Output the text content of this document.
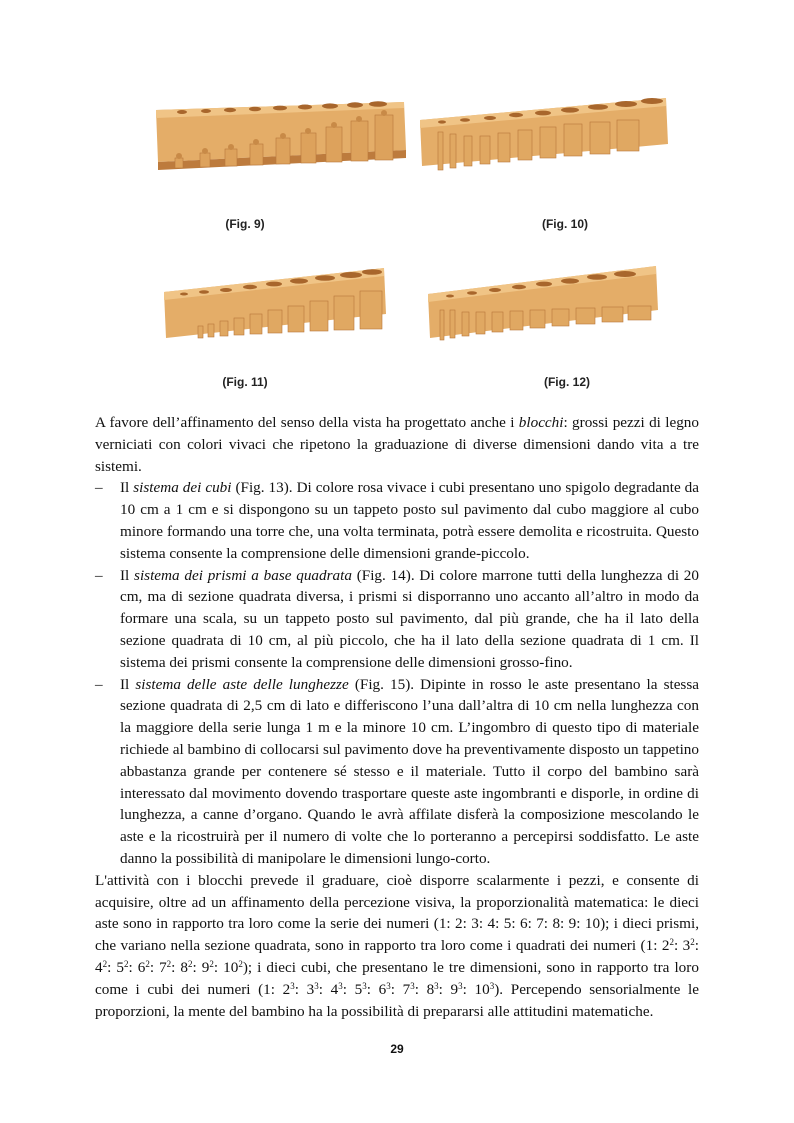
(Fig. 9)	(Fig. 10)
(Fig. 11)	(Fig. 12)

A favore dell’affinamento del senso della vista ha progettato anche i blocchi: grossi pezzi di legno verniciati con colori vivaci che ripetono la graduazione di diverse dimensioni dando vita a tre sistemi.

–
Il sistema dei cubi (Fig. 13). Di colore rosa vivace i cubi presentano uno spigolo degradante da 10 cm a 1 cm e si dispongono su un tappeto posto sul pavimento dal cubo maggiore al cubo minore formando una torre che, una volta terminata, potrà essere demolita e ricostruita. Questo sistema consente la comprensione delle dimensioni grande-piccolo.

–
Il sistema dei prismi a base quadrata (Fig. 14). Di colore marrone tutti della lunghezza di 20 cm, ma di sezione quadrata diversa, i prismi si disporranno uno accanto all’altro in modo da formare una scala, su un tappeto posto sul pavimento, dal più grande, che ha il lato della sezione quadrata di 10 cm, al più piccolo, che ha il lato della sezione quadrata di 1 cm. Il sistema dei prismi consente la comprensione delle dimensioni grosso-fino.

–
Il sistema delle aste delle lunghezze (Fig. 15). Dipinte in rosso le aste presentano la stessa sezione quadrata di 2,5 cm di lato e differiscono l’una dall’altra di 10 cm nella lunghezza con la maggiore della serie lunga 1 m e la minore 10 cm. L’ingombro di questo tipo di materiale richiede al bambino di collocarsi sul pavimento dove ha preventivamente disposto un tappetino abbastanza grande per contenere sé stesso e il materiale. Tutto il corpo del bambino sarà interessato dal movimento dovendo trasportare queste aste ingombranti e disporle, in ordine di lunghezza, a canne d’organo. Quando le avrà affilate disferà la composizione mescolando le aste e la ricostruirà per il numero di volte che lo porteranno a percepirsi soddisfatto. Le aste danno la possibilità di manipolare le dimensioni lungo-corto.

L'attività con i blocchi prevede il graduare, cioè disporre scalarmente i pezzi, e consente di acquisire, oltre ad un affinamento della percezione visiva, la proporzionalità matematica: le dieci aste sono in rapporto tra loro come la serie dei numeri (1: 2: 3: 4: 5: 6: 7: 8: 9: 10); i dieci prismi, che variano nella sezione quadrata, sono in rapporto tra loro come i quadrati dei numeri (1: $2^2$: $3^2$: $4^2$: $5^2$: $6^2$: $7^2$: $8^2$: $9^2$: $10^2$); i dieci cubi, che presentano le tre dimensioni, sono in rapporto tra loro come i cubi dei numeri (1: $2^3$: $3^3$: $4^3$: $5^3$: $6^3$: $7^3$: $8^3$: $9^3$: $10^3$). Percependo sensorialmente le proporzioni, la mente del bambino ha la possibilità di prepararsi alle attitudini matematiche.

29
